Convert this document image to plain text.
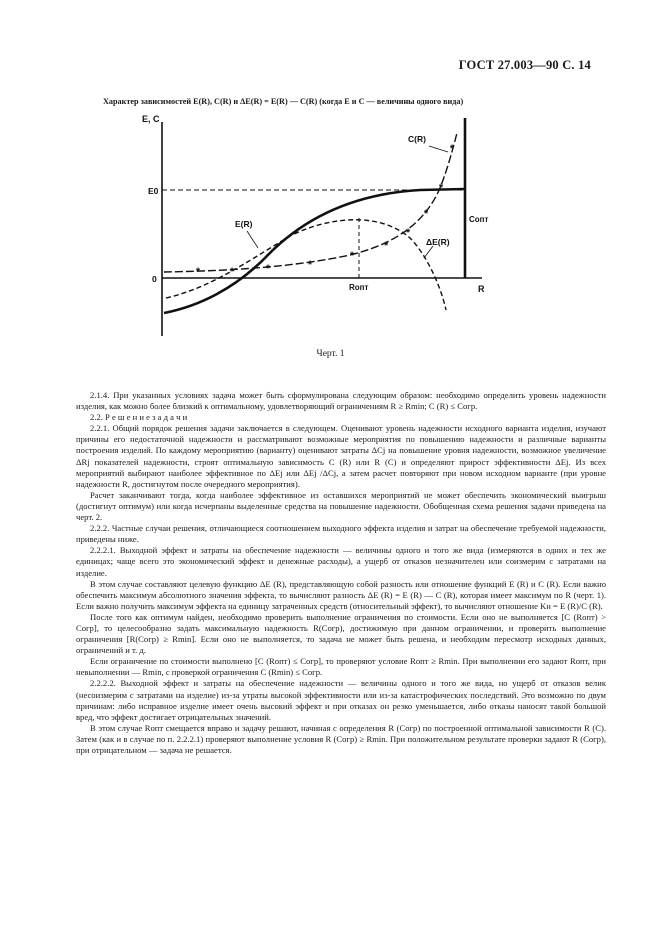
ГОСТ 27.003—90 С. 14
Характер зависимостей E(R), C(R) и ΔE(R) = E(R) — C(R) (когда E и C — величины одного вида)
*	*	*	*
*
*
*
*
*
*
E, C
R
E0
0
C(R)
E(R)
ΔE(R)
Cопт
Rопт
Черт. 1

2.1.4. При указанных условиях задача может быть сформулирована следующим образом: необходимо определить уровень надежности изделия, как можно более близкий к оптимальному, удовлетворяющий ограничениям R ≥ Rmin; C (R) ≤ Cогр.

2.2. Р е ш е н и е з а д а ч и

2.2.1. Общий порядок решения задачи заключается в следующем. Оценивают уровень надежности исходного варианта изделия, изучают причины его недостаточной надежности и рассматривают возможные мероприятия по повышению надежности и различные варианты построения изделий. По каждому мероприятию (варианту) оценивают затраты ΔCj на повышение уровня надежности, возможное увеличение ΔRj показателей надежности, строят оптимальную зависимость C (R) или R (C) и определяют прирост эффективности ΔEj. Из всех мероприятий выбирают наиболее эффективное по ΔEj или ΔEj /ΔCj, а затем расчет повторяют при новом исходном варианте (при уровне надежности R, достигнутом после очередного мероприятия).

Расчет заканчивают тогда, когда наиболее эффективное из оставшихся мероприятий не может обеспечить экономический выигрыш (достигнут оптимум) или когда исчерпаны выделенные средства на повышение надежности. Обобщенная схема решения задачи приведена на черт. 2.

2.2.2. Частные случаи решения, отличающиеся соотношением выходного эффекта изделия и затрат на обеспечение требуемой надежности, приведены ниже.

2.2.2.1. Выходной эффект и затраты на обеспечение надежности — величины одного и того же вида (измеряются в одних и тех же единицах; чаще всего это экономический эффект и денежные расходы), а ущерб от отказов незначителен или соизмерим с затратами на изделие.

В этом случае составляют целевую функцию ΔE (R), представляющую собой разность или отношение функций E (R) и C (R). Если важно обеспечить максимум абсолютного значения эффекта, то вычисляют разность ΔE (R) = E (R) — C (R), которая имеет максимум по R (черт. 1). Если важно получить максимум эффекта на единицу затраченных средств (относительный эффект), то вычисляют отношение Kн = E (R)/C (R).

После того как оптимум найден, необходимо проверить выполнение ограничения по стоимости. Если оно не выполняется [C (Rопт) > Cогр], то целесообразно задать максимальную надежность R(Cогр), достижимую при данном ограничении, и проверить выполнение ограничения [R(Cогр) ≥ Rmin]. Если оно не выполняется, то задача не может быть решена, и необходим пересмотр исходных данных, ограничений и т. д.

Если ограничение по стоимости выполнено [C (Rопт) ≤ Cогр], то проверяют условие Rопт ≥ Rmin. При выполнении его задают Rопт, при невыполнении — Rmin, с проверкой ограничения C (Rmin) ≤ Cогр.

2.2.2.2. Выходной эффект и затраты на обеспечение надежности — величины одного и того же вида, но ущерб от отказов велик (несоизмерим с затратами на изделие) из-за утраты высокой эффективности или из-за катастрофических последствий. Это возможно по двум причинам: либо исправное изделие имеет очень высокий эффект и при отказах он резко уменьшается, либо отказы наносят такой большой вред, что эффект достигает отрицательных значений.

В этом случае Rопт смещается вправо и задачу решают, начиная с определения R (Cогр) по построенной оптимальной зависимости R (C). Затем (как и в случае по п. 2.2.2.1) проверяют выполнение условия R (Cогр) ≥ Rmin. При положительном результате проверки задают R (Cогр), при отрицательном — задача не решается.
